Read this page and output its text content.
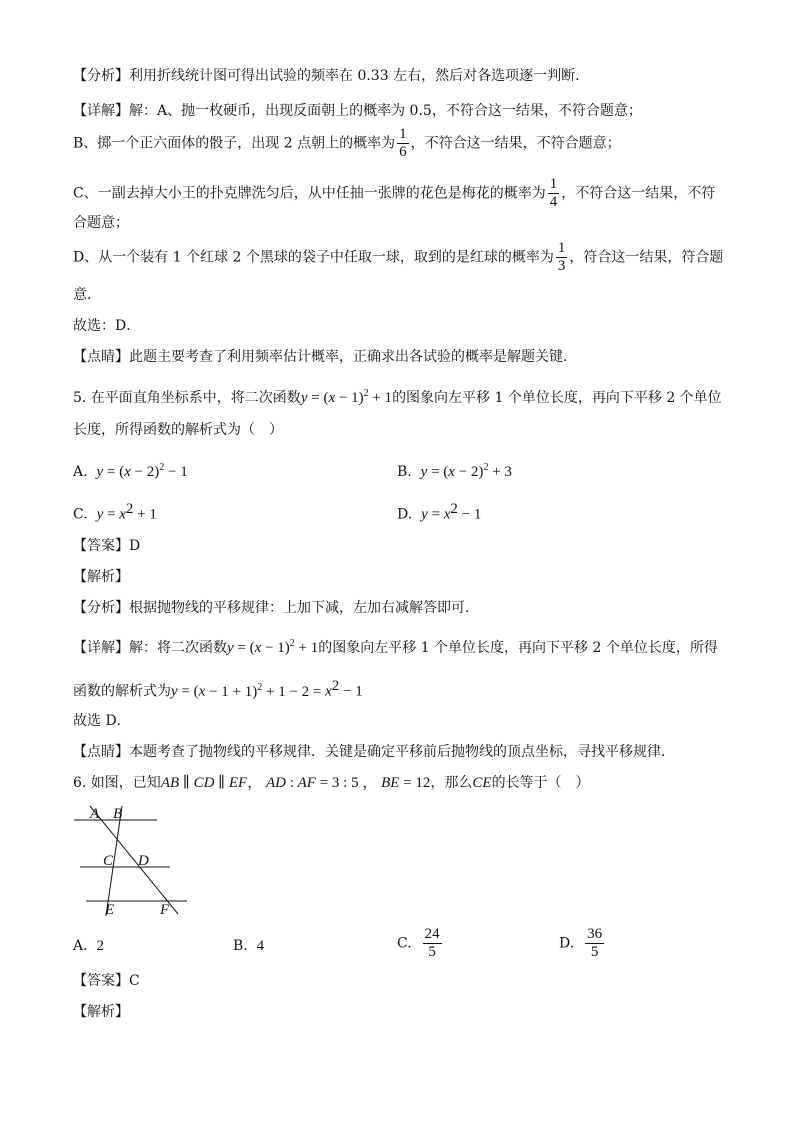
【分析】利用折线统计图可得出试验的频率在 0.33 左右，然后对各选项逐一判断．
【详解】解：A、抛一枚硬币，出现反面朝上的概率为 0.5，不符合这一结果，不符合题意；
B、掷一个正六面体的骰子，出现 2 点朝上的概率为 $\frac{1}{6}$ ，不符合这一结果，不符合题意；
C、一副去掉大小王的扑克牌洗匀后，从中任抽一张牌的花色是梅花的概率为 $\frac{1}{4}$ ，不符合这一结果，不符
合题意；
D、从一个装有 1 个红球 2 个黑球的袋子中任取一球，取到的是红球的概率为 $\frac{1}{3}$ ，符合这一结果，符合题
意．
故选：D．
【点睛】此题主要考查了利用频率估计概率，正确求出各试验的概率是解题关键．
5. 在平面直角坐标系中，将二次函数$y = (x - 1)^2 + 1$的图象向左平移 1 个单位长度，再向下平移 2 个单位
长度，所得函数的解析式为（　）
A. $y = (x - 2)^2 - 1$	B. $y = (x - 2)^2 + 3$
C. $y = x^2 + 1$	D. $y = x^2 - 1$
【答案】D
【解析】
【分析】根据抛物线的平移规律：上加下减，左加右减解答即可．
【详解】解：将二次函数$y = (x - 1)^2 + 1$的图象向左平移 1 个单位长度，再向下平移 2 个单位长度，所得
函数的解析式为$y = (x - 1 + 1)^2 + 1 - 2 = x^2 - 1$
故选 D．
【点睛】本题考查了抛物线的平移规律．关键是确定平移前后抛物线的顶点坐标，寻找平移规律．
6. 如图，已知AB ∥ CD ∥ EF， AD : AF = 3 : 5 ， BE = 12，那么CE的长等于（　）
A B
C D
E	F
A. 2	B. 4	C. $\frac{24}{5}$	D. $\frac{36}{5}$
【答案】C
【解析】
